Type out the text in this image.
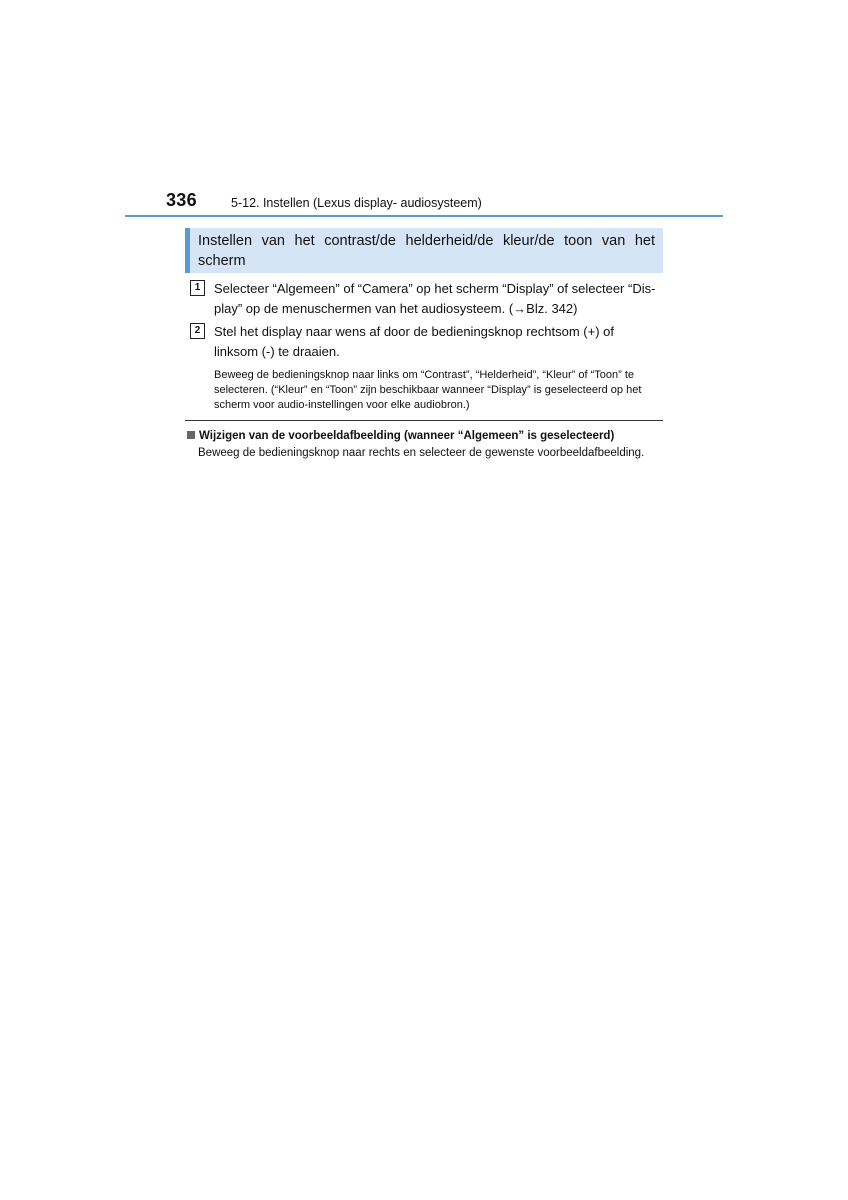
336	5-12. Instellen (Lexus display- audiosysteem)
Instellen van het contrast/de helderheid/de kleur/de toon van het scherm
1	Selecteer “Algemeen” of “Camera” op het scherm “Display” of selecteer “Dis-play” op de menuschermen van het audiosysteem. (→Blz. 342)
2	Stel het display naar wens af door de bedieningsknop rechtsom (+) of linksom (-) te draaien.
Beweeg de bedieningsknop naar links om “Contrast”, “Helderheid”, “Kleur” of “Toon” te selecteren. (“Kleur” en “Toon” zijn beschikbaar wanneer “Display” is geselecteerd op het scherm voor audio-instellingen voor elke audiobron.)
Wijzigen van de voorbeeldafbeelding (wanneer “Algemeen” is geselecteerd)
Beweeg de bedieningsknop naar rechts en selecteer de gewenste voorbeeldafbeelding.
